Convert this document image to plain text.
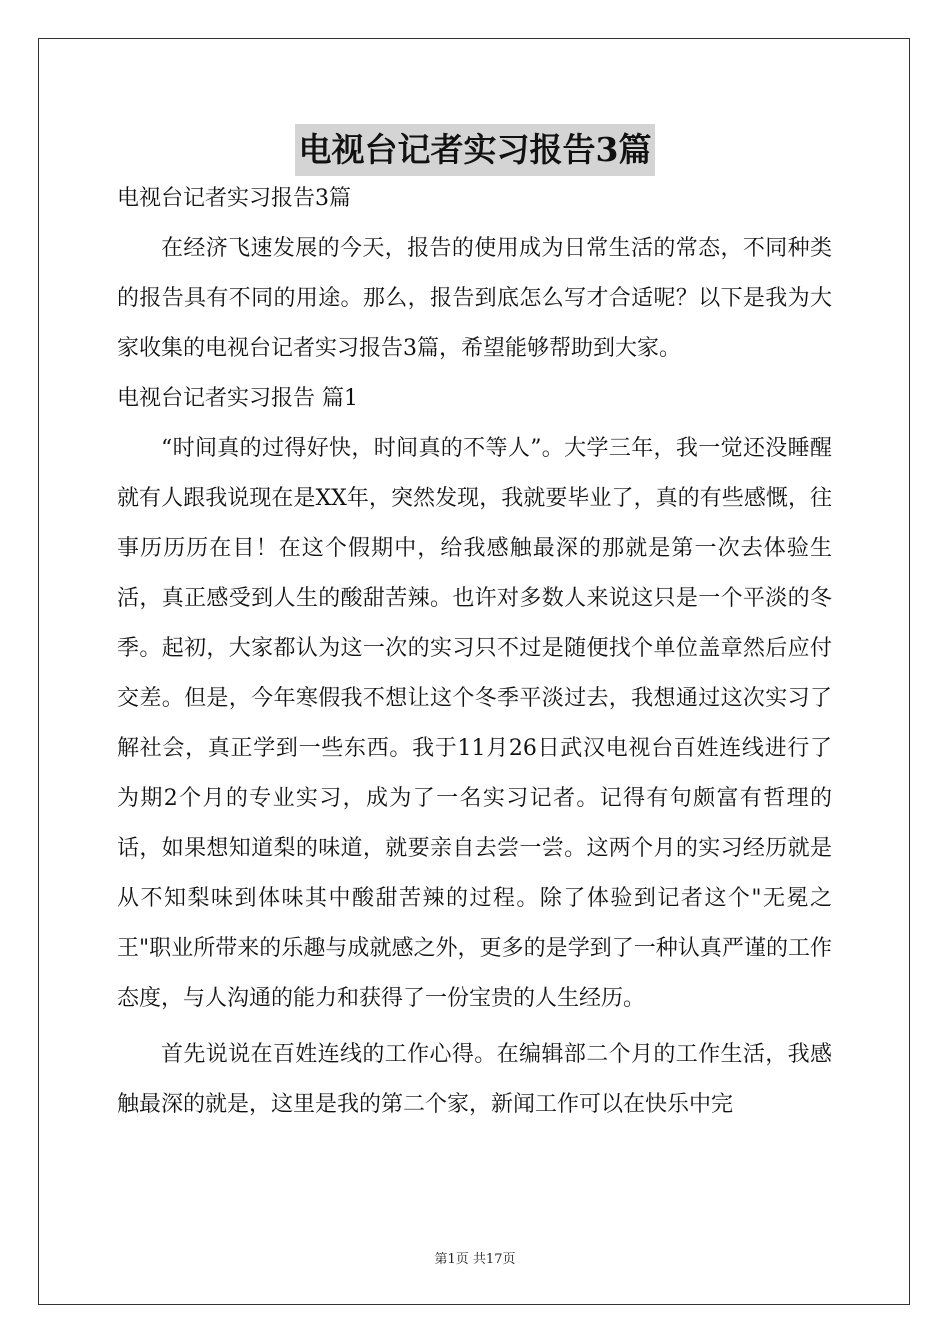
电视台记者实习报告3篇

电视台记者实习报告3篇

在经济飞速发展的今天，报告的使用成为日常生活的常态，不同种类的报告具有不同的用途。那么，报告到底怎么写才合适呢？以下是我为大家收集的电视台记者实习报告3篇，希望能够帮助到大家。

电视台记者实习报告 篇1

“时间真的过得好快，时间真的不等人”。大学三年，我一觉还没睡醒就有人跟我说现在是XX年，突然发现，我就要毕业了，真的有些感慨，往事历历历在目！在这个假期中，给我感触最深的那就是第一次去体验生活，真正感受到人生的酸甜苦辣。也许对多数人来说这只是一个平淡的冬季。起初，大家都认为这一次的实习只不过是随便找个单位盖章然后应付交差。但是，今年寒假我不想让这个冬季平淡过去，我想通过这次实习了解社会，真正学到一些东西。我于11月26日武汉电视台百姓连线进行了为期2个月的专业实习，成为了一名实习记者。记得有句颇富有哲理的话，如果想知道梨的味道，就要亲自去尝一尝。这两个月的实习经历就是从不知梨味到体味其中酸甜苦辣的过程。除了体验到记者这个"无冕之王"职业所带来的乐趣与成就感之外，更多的是学到了一种认真严谨的工作态度，与人沟通的能力和获得了一份宝贵的人生经历。

首先说说在百姓连线的工作心得。在编辑部二个月的工作生活，我感触最深的就是，这里是我的第二个家，新闻工作可以在快乐中完

第1页 共17页
